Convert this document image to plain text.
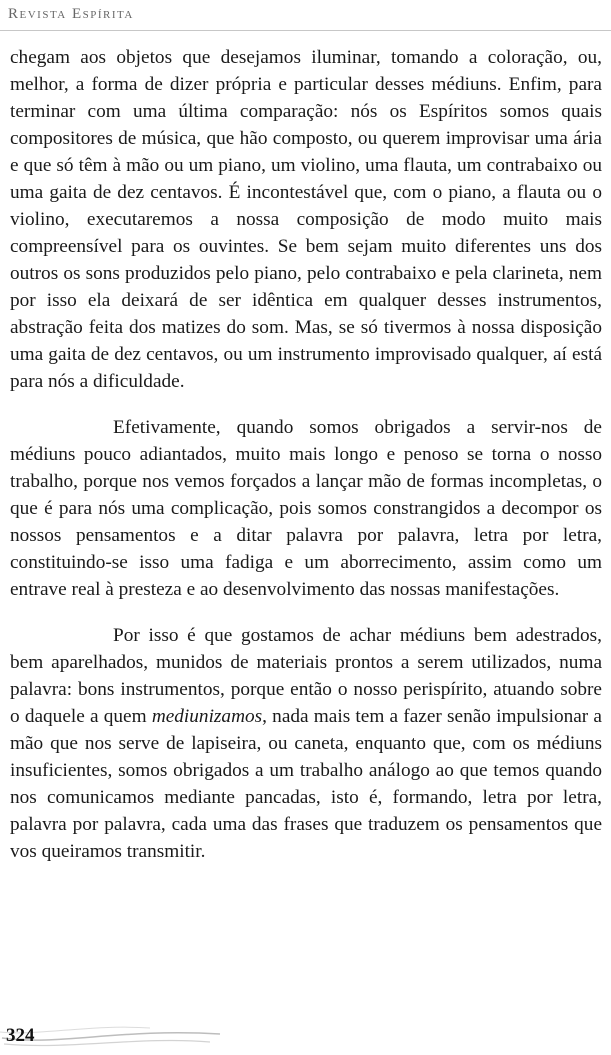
Revista Espírita

chegam aos objetos que desejamos iluminar, tomando a coloração, ou, melhor, a forma de dizer própria e particular desses médiuns. Enfim, para terminar com uma última comparação: nós os Espíritos somos quais compositores de música, que hão composto, ou querem improvisar uma ária e que só têm à mão ou um piano, um violino, uma flauta, um contrabaixo ou uma gaita de dez centavos. É incontestável que, com o piano, a flauta ou o violino, executaremos a nossa composição de modo muito mais compreensível para os ouvintes. Se bem sejam muito diferentes uns dos outros os sons produzidos pelo piano, pelo contrabaixo e pela clarineta, nem por isso ela deixará de ser idêntica em qualquer desses instrumentos, abstração feita dos matizes do som. Mas, se só tivermos à nossa disposição uma gaita de dez centavos, ou um instrumento improvisado qualquer, aí está para nós a dificuldade.

Efetivamente, quando somos obrigados a servir-nos de médiuns pouco adiantados, muito mais longo e penoso se torna o nosso trabalho, porque nos vemos forçados a lançar mão de formas incompletas, o que é para nós uma complicação, pois somos constrangidos a decompor os nossos pensamentos e a ditar palavra por palavra, letra por letra, constituindo-se isso uma fadiga e um aborrecimento, assim como um entrave real à presteza e ao desenvolvimento das nossas manifestações.

Por isso é que gostamos de achar médiuns bem adestrados, bem aparelhados, munidos de materiais prontos a serem utilizados, numa palavra: bons instrumentos, porque então o nosso perispírito, atuando sobre o daquele a quem mediunizamos, nada mais tem a fazer senão impulsionar a mão que nos serve de lapiseira, ou caneta, enquanto que, com os médiuns insuficientes, somos obrigados a um trabalho análogo ao que temos quando nos comunicamos mediante pancadas, isto é, formando, letra por letra, palavra por palavra, cada uma das frases que traduzem os pensamentos que vos queiramos transmitir.

324
